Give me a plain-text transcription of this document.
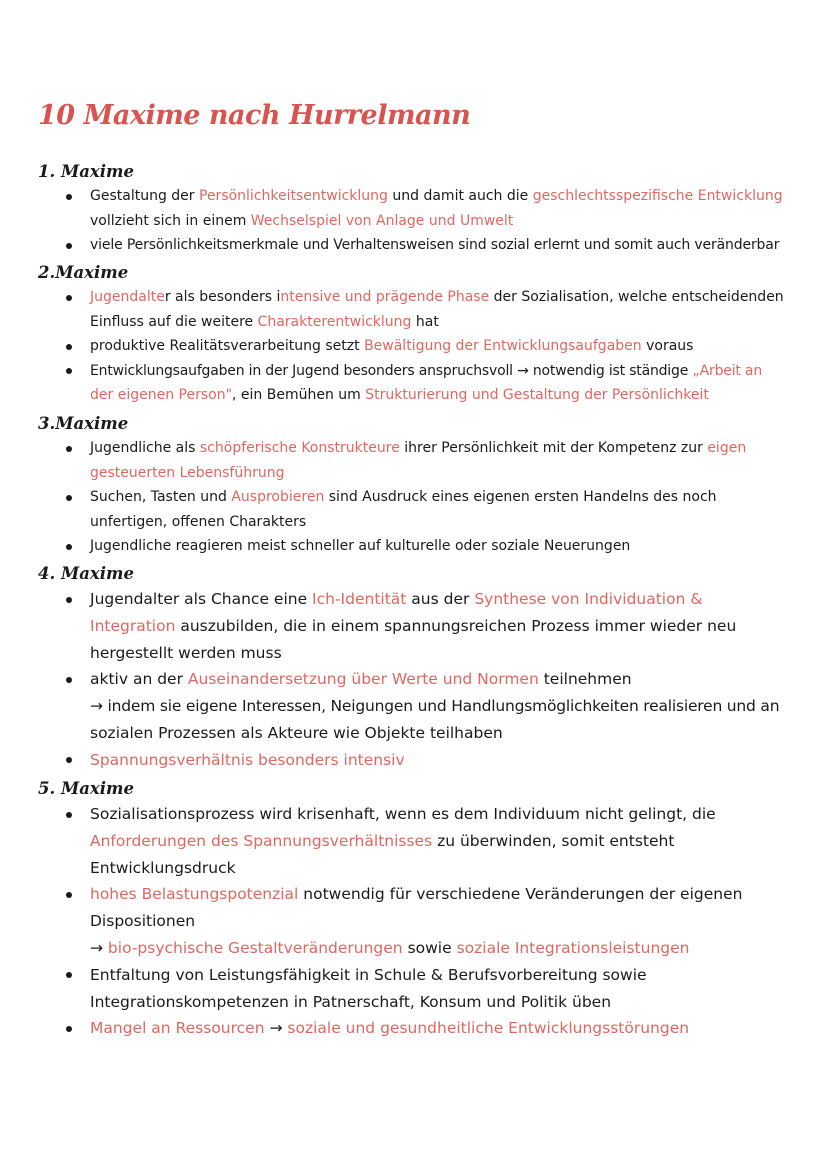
10 Maxime nach Hurrelmann
1. Maxime
Gestaltung der Persönlichkeitsentwicklung und damit auch die geschlechtsspezifische Entwicklung
vollzieht sich in einem Wechselspiel von Anlage und Umwelt
viele Persönlichkeitsmerkmale und Verhaltensweisen sind sozial erlernt und somit auch veränderbar
2.Maxime
Jugendalter als besonders intensive und prägende Phase der Sozialisation, welche entscheidenden
Einfluss auf die weitere Charakterentwicklung hat
produktive Realitätsverarbeitung setzt Bewältigung der Entwicklungsaufgaben voraus
Entwicklungsaufgaben in der Jugend besonders anspruchsvoll → notwendig ist ständige „Arbeit an
der eigenen Person", ein Bemühen um Strukturierung und Gestaltung der Persönlichkeit
3.Maxime
Jugendliche als schöpferische Konstrukteure ihrer Persönlichkeit mit der Kompetenz zur eigen
gesteuerten Lebensführung
Suchen, Tasten und Ausprobieren sind Ausdruck eines eigenen ersten Handelns des noch
unfertigen, offenen Charakters
Jugendliche reagieren meist schneller auf kulturelle oder soziale Neuerungen
4. Maxime
Jugendalter als Chance eine Ich-Identität aus der Synthese von Individuation &
Integration auszubilden, die in einem spannungsreichen Prozess immer wieder neu
hergestellt werden muss
aktiv an der Auseinandersetzung über Werte und Normen teilnehmen
→ indem sie eigene Interessen, Neigungen und Handlungsmöglichkeiten realisieren und an
sozialen Prozessen als Akteure wie Objekte teilhaben
Spannungsverhältnis besonders intensiv
5. Maxime
Sozialisationsprozess wird krisenhaft, wenn es dem Individuum nicht gelingt, die
Anforderungen des Spannungsverhältnisses zu überwinden, somit entsteht
Entwicklungsdruck
hohes Belastungspotenzial notwendig für verschiedene Veränderungen der eigenen
Dispositionen
→ bio-psychische Gestaltveränderungen sowie soziale Integrationsleistungen
Entfaltung von Leistungsfähigkeit in Schule & Berufsvorbereitung sowie
Integrationskompetenzen in Patnerschaft, Konsum und Politik üben
Mangel an Ressourcen → soziale und gesundheitliche Entwicklungsstörungen
